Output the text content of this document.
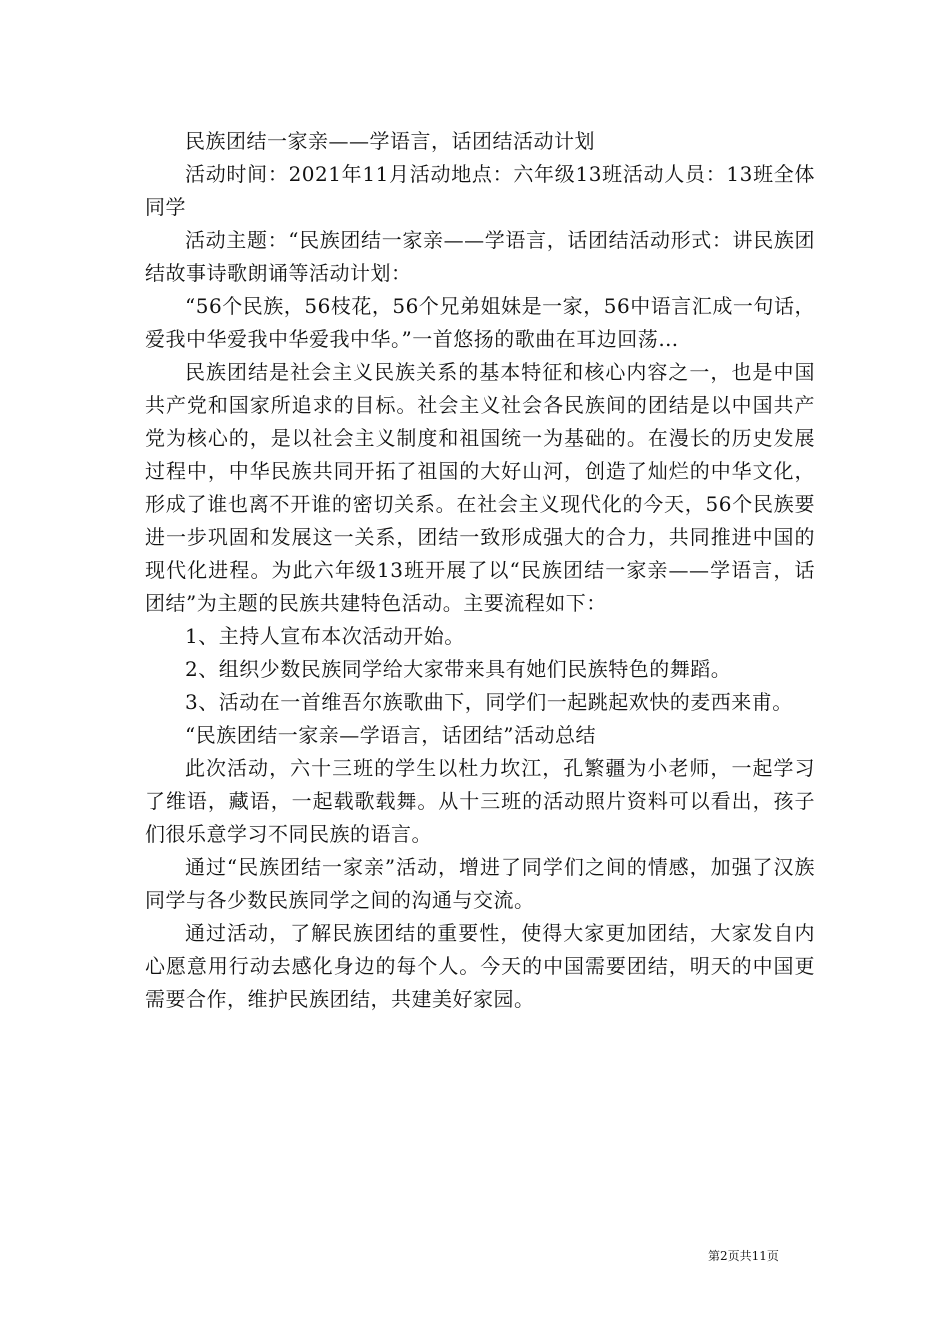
民族团结一家亲——学语言，话团结活动计划

活动时间：2021年11月活动地点：六年级13班活动人员：13班全体同学

活动主题：“民族团结一家亲——学语言，话团结活动形式：讲民族团结故事诗歌朗诵等活动计划：

“56个民族，56枝花，56个兄弟姐妹是一家，56中语言汇成一句话，爱我中华爱我中华爱我中华。”一首悠扬的歌曲在耳边回荡…

民族团结是社会主义民族关系的基本特征和核心内容之一，也是中国共产党和国家所追求的目标。社会主义社会各民族间的团结是以中国共产党为核心的，是以社会主义制度和祖国统一为基础的。在漫长的历史发展过程中，中华民族共同开拓了祖国的大好山河，创造了灿烂的中华文化，形成了谁也离不开谁的密切关系。在社会主义现代化的今天，56个民族要进一步巩固和发展这一关系，团结一致形成强大的合力，共同推进中国的现代化进程。为此六年级13班开展了以“民族团结一家亲——学语言，话团结”为主题的民族共建特色活动。主要流程如下：

1、主持人宣布本次活动开始。

2、组织少数民族同学给大家带来具有她们民族特色的舞蹈。

3、活动在一首维吾尔族歌曲下，同学们一起跳起欢快的麦西来甫。

“民族团结一家亲—学语言，话团结”活动总结

此次活动，六十三班的学生以杜力坎江，孔繁疆为小老师，一起学习了维语，藏语，一起载歌载舞。从十三班的活动照片资料可以看出，孩子们很乐意学习不同民族的语言。

通过“民族团结一家亲”活动，增进了同学们之间的情感，加强了汉族同学与各少数民族同学之间的沟通与交流。

通过活动，了解民族团结的重要性，使得大家更加团结，大家发自内心愿意用行动去感化身边的每个人。今天的中国需要团结，明天的中国更需要合作，维护民族团结，共建美好家园。

第2页共11页
